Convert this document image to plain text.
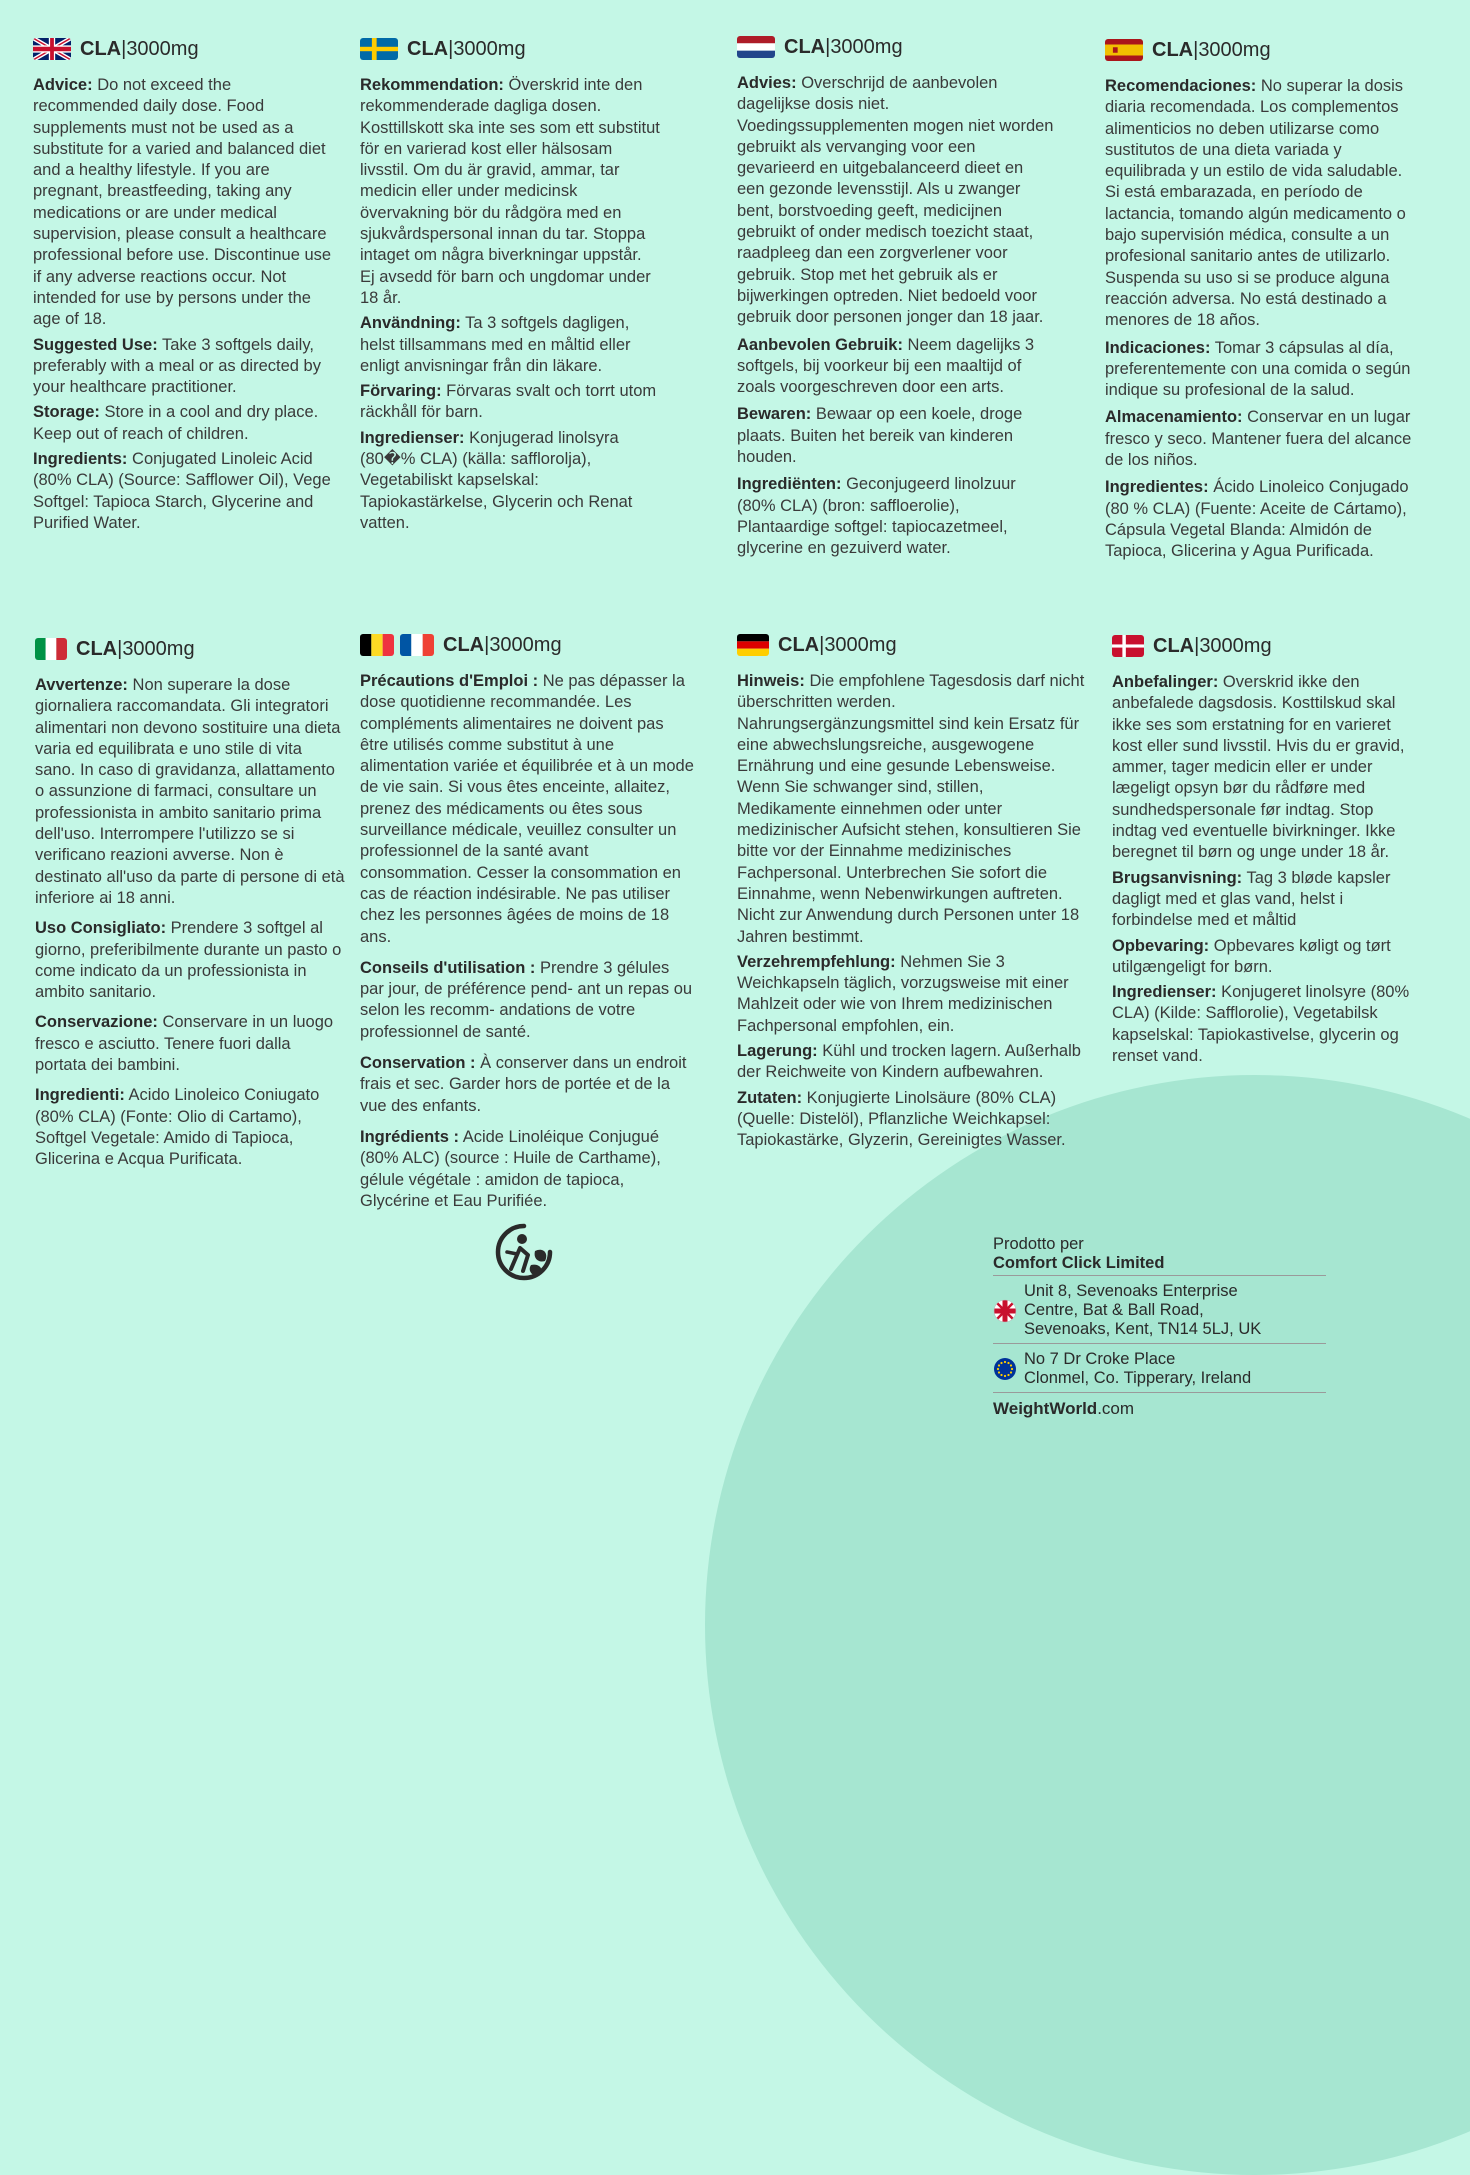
CLA | 3000mg

Advice: Do not exceed the recommended daily dose. Food supplements must not be used as a substitute for a varied and balanced diet and a healthy lifestyle. If you are pregnant, breastfeeding, taking any medications or are under medical supervision, please consult a healthcare professional before use. Discontinue use if any adverse reactions occur. Not intended for use by persons under the age of 18.

Suggested Use: Take 3 softgels daily, preferably with a meal or as directed by your healthcare practitioner.

Storage: Store in a cool and dry place. Keep out of reach of children.

Ingredients: Conjugated Linoleic Acid (80% CLA) (Source: Safflower Oil), Vege Softgel: Tapioca Starch, Glycerine and Purified Water.

CLA | 3000mg

Rekommendation: Överskrid inte den rekommenderade dagliga dosen. Kosttillskott ska inte ses som ett substitut för en varierad kost eller hälsosam livsstil. Om du är gravid, ammar, tar medicin eller under medicinsk övervakning bör du rådgöra med en sjukvårdspersonal innan du tar. Stoppa intaget om några biverkningar uppstår. Ej avsedd för barn och ungdomar under 18 år.

Användning: Ta 3 softgels dagligen, helst tillsammans med en måltid eller enligt anvisningar från din läkare.

Förvaring: Förvaras svalt och torrt utom räckhåll för barn.

Ingredienser: Konjugerad linolsyra (80�% CLA) (källa: safflorolja), Vegetabiliskt kapselskal: Tapiokastärkelse, Glycerin och Renat vatten.

CLA | 3000mg

Advies: Overschrijd de aanbevolen dagelijkse dosis niet. Voedingssupplementen mogen niet worden gebruikt als vervanging voor een gevarieerd en uitgebalanceerd dieet en een gezonde levensstijl. Als u zwanger bent, borstvoeding geeft, medicijnen gebruikt of onder medisch toezicht staat, raadpleeg dan een zorgverlener voor gebruik. Stop met het gebruik als er bijwerkingen optreden. Niet bedoeld voor gebruik door personen jonger dan 18 jaar.

Aanbevolen Gebruik: Neem dagelijks 3 softgels, bij voorkeur bij een maaltijd of zoals voorgeschreven door een arts.

Bewaren: Bewaar op een koele, droge plaats. Buiten het bereik van kinderen houden.

Ingrediënten: Geconjugeerd linolzuur (80% CLA) (bron: saffloerolie), Plantaardige softgel: tapiocazetmeel, glycerine en gezuiverd water.

CLA | 3000mg

Recomendaciones: No superar la dosis diaria recomendada. Los complementos alimenticios no deben utilizarse como sustitutos de una dieta variada y equilibrada y un estilo de vida saludable. Si está embarazada, en período de lactancia, tomando algún medicamento o bajo supervisión médica, consulte a un profesional sanitario antes de utilizarlo. Suspenda su uso si se produce alguna reacción adversa. No está destinado a menores de 18 años.

Indicaciones: Tomar 3 cápsulas al día, preferentemente con una comida o según indique su profesional de la salud.

Almacenamiento: Conservar en un lugar fresco y seco. Mantener fuera del alcance de los niños.

Ingredientes: Ácido Linoleico Conjugado (80 % CLA) (Fuente: Aceite de Cártamo), Cápsula Vegetal Blanda: Almidón de Tapioca, Glicerina y Agua Purificada.

CLA | 3000mg

Avvertenze: Non superare la dose giornaliera raccomandata. Gli integratori alimentari non devono sostituire una dieta varia ed equilibrata e uno stile di vita sano. In caso di gravidanza, allattamento o assunzione di farmaci, consultare un professionista in ambito sanitario prima dell'uso. Interrompere l'utilizzo se si verificano reazioni avverse. Non è destinato all'uso da parte di persone di età inferiore ai 18 anni.

Uso Consigliato: Prendere 3 softgel al giorno, preferibilmente durante un pasto o come indicato da un professionista in ambito sanitario.

Conservazione: Conservare in un luogo fresco e asciutto. Tenere fuori dalla portata dei bambini.

Ingredienti: Acido Linoleico Coniugato (80% CLA) (Fonte: Olio di Cartamo), Softgel Vegetale: Amido di Tapioca, Glicerina e Acqua Purificata.

CLA | 3000mg

Précautions d'Emploi : Ne pas dépasser la dose quotidienne recommandée. Les compléments alimentaires ne doivent pas être utilisés comme substitut à une alimentation variée et équilibrée et à un mode de vie sain. Si vous êtes enceinte, allaitez, prenez des médicaments ou êtes sous surveillance médicale, veuillez consulter un professionnel de la santé avant consommation. Cesser la consommation en cas de réaction indésirable. Ne pas utiliser chez les personnes âgées de moins de 18 ans.

Conseils d'utilisation : Prendre 3 gélules par jour, de préférence pend- ant un repas ou selon les recomm- andations de votre professionnel de santé.

Conservation : À conserver dans un endroit frais et sec. Garder hors de portée et de la vue des enfants.

Ingrédients : Acide Linoléique Conjugué (80% ALC) (source : Huile de Carthame), gélule végétale : amidon de tapioca, Glycérine et Eau Purifiée.

CLA | 3000mg

Hinweis: Die empfohlene Tagesdosis darf nicht überschritten werden. Nahrungsergänzungsmittel sind kein Ersatz für eine abwechslungsreiche, ausgewogene Ernährung und eine gesunde Lebensweise. Wenn Sie schwanger sind, stillen, Medikamente einnehmen oder unter medizinischer Aufsicht stehen, konsultieren Sie bitte vor der Einnahme medizinisches Fachpersonal. Unterbrechen Sie sofort die Einnahme, wenn Nebenwirkungen auftreten. Nicht zur Anwendung durch Personen unter 18 Jahren bestimmt.

Verzehrempfehlung: Nehmen Sie 3 Weichkapseln täglich, vorzugsweise mit einer Mahlzeit oder wie von Ihrem medizinischen Fachpersonal empfohlen, ein.

Lagerung: Kühl und trocken lagern. Außerhalb der Reichweite von Kindern aufbewahren.

Zutaten: Konjugierte Linolsäure (80% CLA) (Quelle: Distelöl), Pflanzliche Weichkapsel: Tapiokastärke, Glyzerin, Gereinigtes Wasser.

CLA | 3000mg

Anbefalinger: Overskrid ikke den anbefalede dagsdosis. Kosttilskud skal ikke ses som erstatning for en varieret kost eller sund livsstil. Hvis du er gravid, ammer, tager medicin eller er under lægeligt opsyn bør du rådføre med sundhedspersonale før indtag. Stop indtag ved eventuelle bivirkninger. Ikke beregnet til børn og unge under 18 år.

Brugsanvisning: Tag 3 bløde kapsler dagligt med et glas vand, helst i forbindelse med et måltid

Opbevaring: Opbevares køligt og tørt utilgængeligt for børn.

Ingredienser: Konjugeret linolsyre (80% CLA) (Kilde: Safflorolie), Vegetabilsk kapselskal: Tapiokastivelse, glycerin og renset vand.

Prodotto per
Comfort Click Limited
Unit 8, Sevenoaks Enterprise
Centre, Bat & Ball Road,
Sevenoaks, Kent, TN14 5LJ, UK
No 7 Dr Croke Place
Clonmel, Co. Tipperary, Ireland
WeightWorld.com
